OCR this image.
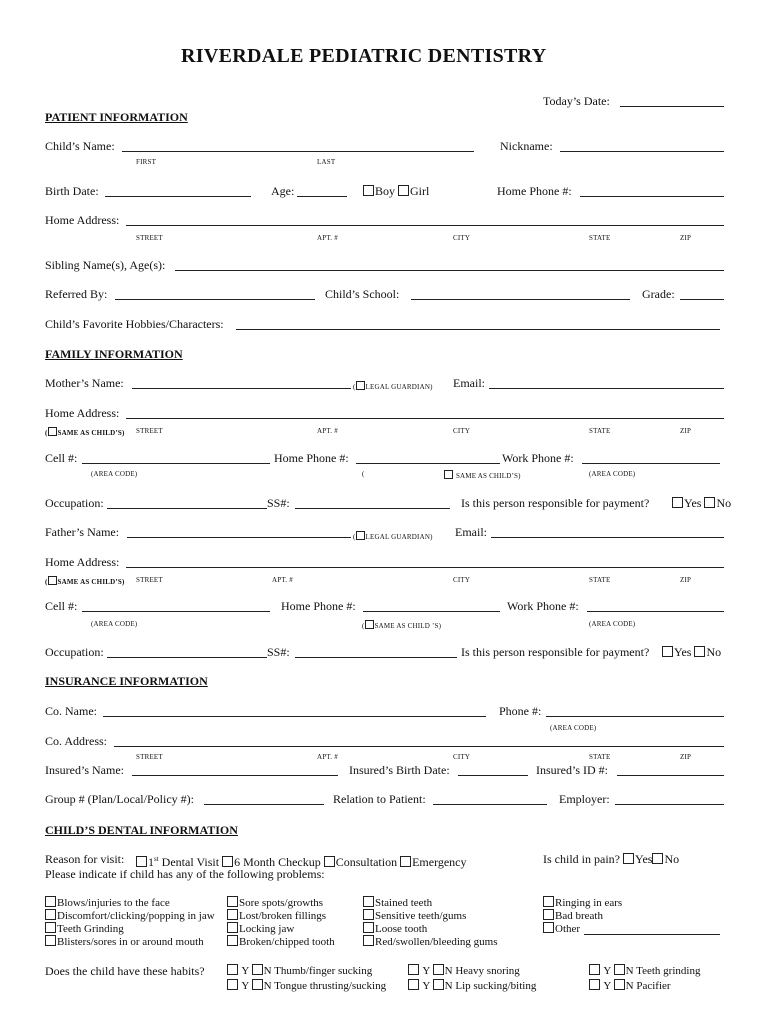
RIVERDALE PEDIATRIC DENTISTRY
Today’s Date:
PATIENT INFORMATION
Child’s Name:
FIRST	LAST
Nickname:
Birth Date:	Age:	Boy Girl	Home Phone #:
Home Address:
STREET	APT. #	CITY	STATE	ZIP
Sibling Name(s), Age(s):
Referred By:	Child’s School:	Grade:
Child’s Favorite Hobbies/Characters:
FAMILY INFORMATION
Mother’s Name:	( LEGAL GUARDIAN) Email:
Home Address:
( SAME AS CHILD’S) STREET	APT. #	CITY	STATE	ZIP
Cell #:	Home Phone #:	Work Phone #:
(AREA CODE)	(	SAME AS CHILD’S)	(AREA CODE)
Occupation:	SS#:	Is this person responsible for payment?	Yes No
Father’s Name:	( LEGAL GUARDIAN) Email:
Home Address:
( SAME AS CHILD’S) STREET	APT. #	CITY	STATE	ZIP
Cell #:	Home Phone #:	Work Phone #:
(AREA CODE)	( SAME AS CHILD ’S)	(AREA CODE)
Occupation:	SS#:	Is this person responsible for payment?	Yes No
INSURANCE INFORMATION
Co. Name:	Phone #:
(AREA CODE)
Co. Address:
STREET	APT. #	CITY	STATE	ZIP
Insured’s Name:	Insured’s Birth Date:	Insured’s ID #:
Group # (Plan/Local/Policy #):	Relation to Patient:	Employer:
CHILD’S DENTAL INFORMATION
Reason for visit:	1st Dental Visit 6 Month Checkup Consultation Emergency	Is child in pain? Yes No
Please indicate if child has any of the following problems:
Blows/injuries to the face
Discomfort/clicking/popping in jaw
Teeth Grinding
Blisters/sores in or around mouth
Sore spots/growths
Lost/broken fillings
Locking jaw
Broken/chipped tooth
Stained teeth
Sensitive teeth/gums
Loose tooth
Red/swollen/bleeding gums
Ringing in ears
Bad breath
Other
Does the child have these habits?	Y N Thumb/finger sucking
Y N Tongue thrusting/sucking
Y N Heavy snoring
Y N Lip sucking/biting
Y N Teeth grinding
Y N Pacifier
